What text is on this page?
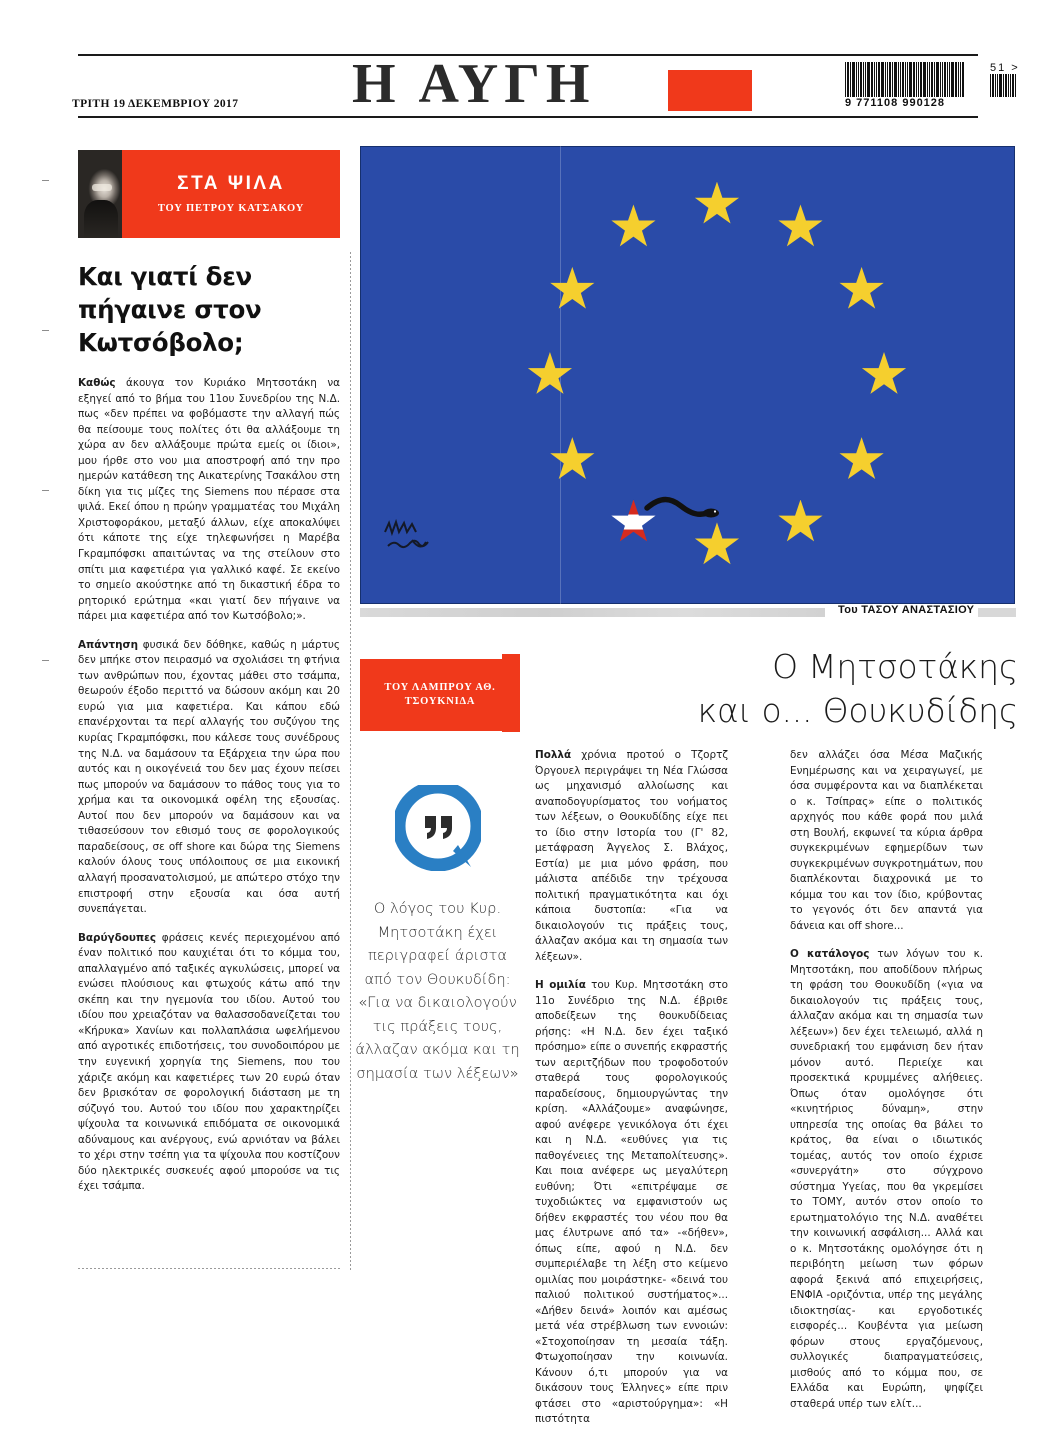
ΤΡΙΤΗ 19 ΔΕΚΕΜΒΡΙΟΥ 2017 Η ΑΥΓΗ	9 771108 990128
51 >
ΣΤΑ ΨΙΛΑ
ΤΟΥ ΠΕΤΡΟΥ ΚΑΤΣΑΚΟΥ
Και γιατί δεν πήγαινε στον Κωτσόβολο;

Καθώς άκουγα τον Κυριάκο Μητσοτάκη να εξηγεί από το βήμα του 11ου Συνεδρίου της Ν.Δ. πως «δεν πρέπει να φοβόμαστε την αλλαγή πώς θα πείσουμε τους πολίτες ότι θα αλλάξουμε τη χώρα αν δεν αλλάξουμε πρώτα εμείς οι ίδιοι», μου ήρθε στο νου μια αποστροφή από την προ ημερών κατάθεση της Αικατερίνης Τσακάλου στη δίκη για τις μίζες της Siemens που πέρασε στα ψιλά. Εκεί όπου η πρώην γραμματέας του Μιχάλη Χριστοφοράκου, μεταξύ άλλων, είχε αποκαλύψει ότι κάποτε της είχε τηλεφωνήσει η Μαρέβα Γκραμπόφσκι απαιτώντας να της στείλουν στο σπίτι μια καφετιέρα για γαλλικό καφέ. Σε εκείνο το σημείο ακούστηκε από τη δικαστική έδρα το ρητορικό ερώτημα «και γιατί δεν πήγαινε να πάρει μια καφετιέρα από τον Κωτσόβολο;».

Απάντηση φυσικά δεν δόθηκε, καθώς η μάρτυς δεν μπήκε στον πειρασμό να σχολιάσει τη φτήνια των ανθρώπων που, έχοντας μάθει στο τσάμπα, θεωρούν έξοδο περιττό να δώσουν ακόμη και 20 ευρώ για μια καφετιέρα. Και κάπου εδώ επανέρχονται τα περί αλλαγής του συζύγου της κυρίας Γκραμπόφσκι, που κάλεσε τους συνέδρους της Ν.Δ. να δαμάσουν τα Εξάρχεια την ώρα που αυτός και η οικογένειά του δεν μας έχουν πείσει πως μπορούν να δαμάσουν το πάθος τους για το χρήμα και τα οικονομικά οφέλη της εξουσίας. Αυτοί που δεν μπορούν να δαμάσουν και να τιθασεύσουν τον εθισμό τους σε φορολογικούς παραδείσους, σε off shore και δώρα της Siemens καλούν όλους τους υπόλοιπους σε μια εικονική αλλαγή προσανατολισμού, με απώτερο στόχο την επιστροφή στην εξουσία και όσα αυτή συνεπάγεται.

Βαρύγδουπες φράσεις κενές περιεχομένου από έναν πολιτικό που καυχιέται ότι το κόμμα του, απαλλαγμένο από ταξικές αγκυλώσεις, μπορεί να ενώσει πλούσιους και φτωχούς κάτω από την σκέπη και την ηγεμονία του ιδίου. Αυτού του ιδίου που χρειαζόταν να θαλασσοδανείζεται του «Κήρυκα» Χανίων και πολλαπλάσια ωφελήμενου από αγροτικές επιδοτήσεις, του συνοδοιπόρου με την ευγενική χορηγία της Siemens, που του χάριζε ακόμη και καφετιέρες των 20 ευρώ όταν δεν βρισκόταν σε φορολογική διάσταση με τη σύζυγό του. Αυτού του ιδίου που χαρακτηρίζει ψίχουλα τα κοινωνικά επιδόματα σε οικονομικά αδύναμους και ανέργους, ενώ αρνιόταν να βάλει το χέρι στην τσέπη για τα ψίχουλα που κοστίζουν δύο ηλεκτρικές συσκευές αφού μπορούσε να τις έχει τσάμπα.

Του ΤΑΣΟΥ ΑΝΑΣΤΑΣΙΟΥ
ΤΟΥ ΛΑΜΠΡΟΥ ΑΘ. ΤΣΟΥΚΝΙΔΑ
Ο Μητσοτάκης
και ο... Θουκυδίδης
Ο λόγος του Κυρ. Μητσοτάκη έχει περιγραφεί άριστα από τον Θουκυδίδη: «Για να δικαιολογούν τις πράξεις τους, άλλαζαν ακόμα και τη σημασία των λέξεων»

Πολλά χρόνια προτού ο Τζορτζ Όργουελ περιγράψει τη Νέα Γλώσσα ως μηχανισμό αλλοίωσης και αναποδογυρίσματος του νοήματος των λέξεων, ο Θουκυδίδης είχε πει το ίδιο στην Ιστορία του (Γ' 82, μετάφραση Άγγελος Σ. Βλάχος, Εστία) με μια μόνο φράση, που μάλιστα απέδιδε την τρέχουσα πολιτική πραγματικότητα και όχι κάποια δυστοπία: «Για να δικαιολογούν τις πράξεις τους, άλλαζαν ακόμα και τη σημασία των λέξεων».

Η ομιλία του Κυρ. Μητσοτάκη στο 11ο Συνέδριο της Ν.Δ. έβριθε αποδείξεων της θουκυδίδειας ρήσης: «Η Ν.Δ. δεν έχει ταξικό πρόσημο» είπε ο συνεπής εκφραστής των αεριτζήδων που τροφοδοτούν σταθερά τους φορολογικούς παραδείσους, δημιουργώντας την κρίση. «Αλλάζουμε» αναφώνησε, αφού ανέφερε γενικόλογα ότι έχει και η Ν.Δ. «ευθύνες για τις παθογένειες της Μεταπολίτευσης». Και ποια ανέφερε ως μεγαλύτερη ευθύνη; Ότι «επιτρέψαμε σε τυχοδιώκτες να εμφανιστούν ως δήθεν εκφραστές του νέου που θα μας έλυτρωνε από τα» -«δήθεν», όπως είπε, αφού η Ν.Δ. δεν συμπεριέλαβε τη λέξη στο κείμενο ομιλίας που μοιράστηκε- «δεινά του παλιού πολιτικού συστήματος»... «Δήθεν δεινά» λοιπόν και αμέσως μετά νέα στρέβλωση των εννοιών: «Στοχοποίησαν τη μεσαία τάξη. Φτωχοποίησαν την κοινωνία. Κάνουν ό,τι μπορούν για να δικάσουν τους Έλληνες» είπε πριν φτάσει στο «αριστούργημα»: «Η πιστότητα

δεν αλλάζει όσα Μέσα Μαζικής Ενημέρωσης και να χειραγωγεί, με όσα συμφέροντα και να διαπλέκεται ο κ. Τσίπρας» είπε ο πολιτικός αρχηγός που κάθε φορά που μιλά στη Βουλή, εκφωνεί τα κύρια άρθρα συγκεκριμένων εφημερίδων των συγκεκριμένων συγκροτημάτων, που διαπλέκονται διαχρονικά με το κόμμα του και τον ίδιο, κρύβοντας το γεγονός ότι δεν απαντά για δάνεια και off shore...

Ο κατάλογος των λόγων του κ. Μητσοτάκη, που αποδίδουν πλήρως τη φράση του Θουκυδίδη («για να δικαιολογούν τις πράξεις τους, άλλαζαν ακόμα και τη σημασία των λέξεων») δεν έχει τελειωμό, αλλά η συνεδριακή του εμφάνιση δεν ήταν μόνον αυτό. Περιείχε και προσεκτικά κρυμμένες αλήθειες. Όπως όταν ομολόγησε ότι «κινητήριος δύναμη», στην υπηρεσία της οποίας θα βάλει το κράτος, θα είναι ο ιδιωτικός τομέας, αυτός τον οποίο έχρισε «συνεργάτη» στο σύγχρονο σύστημα Υγείας, που θα γκρεμίσει το ΤΟΜΥ, αυτόν στον οποίο το ερωτηματολόγιο της Ν.Δ. αναθέτει την κοινωνική ασφάλιση... Αλλά και ο κ. Μητσοτάκης ομολόγησε ότι η περιβόητη μείωση των φόρων αφορά ξεκινά από επιχειρήσεις, ΕΝΦΙΑ -οριζόντια, υπέρ της μεγάλης ιδιοκτησίας- και εργοδοτικές εισφορές... Κουβέντα για μείωση φόρων στους εργαζόμενους, συλλογικές διαπραγματεύσεις, μισθούς από το κόμμα που, σε Ελλάδα και Ευρώπη, ψηφίζει σταθερά υπέρ των ελίτ...
